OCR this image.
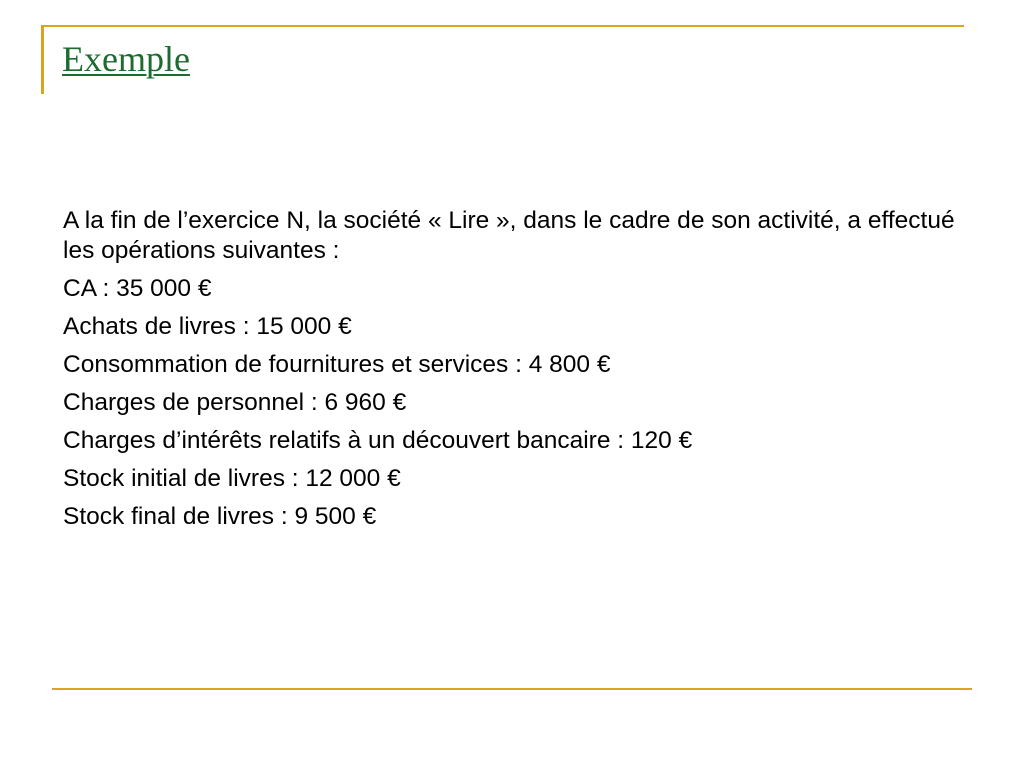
Exemple

A la fin de l’exercice N, la société « Lire », dans le cadre de son activité, a effectué les opérations suivantes :

CA : 35 000 €

Achats de livres : 15 000 €

Consommation de fournitures et services : 4 800 €

Charges de personnel : 6 960 €

Charges d’intérêts relatifs à un découvert bancaire : 120 €

Stock initial de livres : 12 000 €

Stock final de livres : 9 500 €
